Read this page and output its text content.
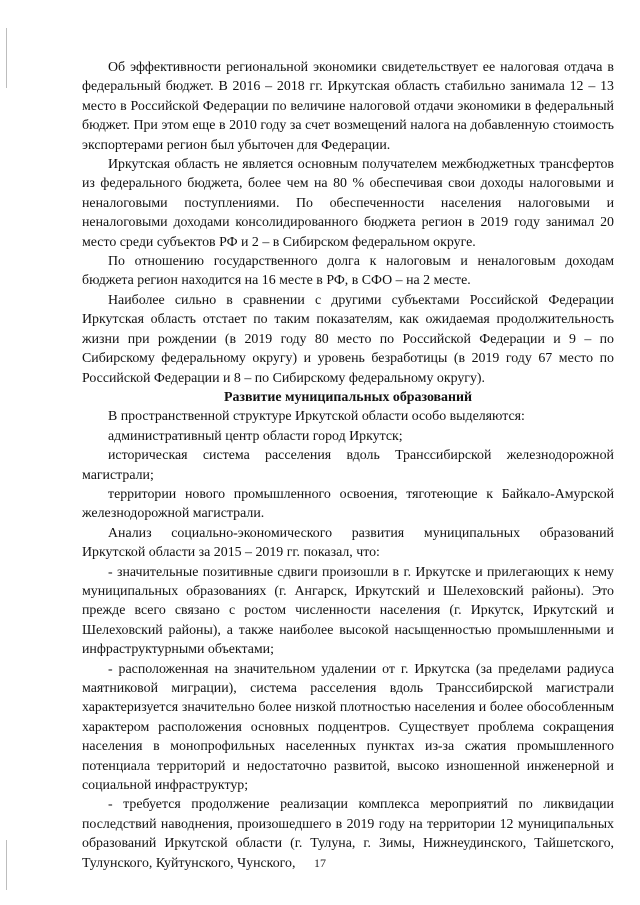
Об эффективности региональной экономики свидетельствует ее налоговая отдача в федеральный бюджет. В 2016 – 2018 гг. Иркутская область стабильно занимала 12 – 13 место в Российской Федерации по величине налоговой отдачи экономики в федеральный бюджет. При этом еще в 2010 году за счет возмещений налога на добавленную стоимость экспортерами регион был убыточен для Федерации.

Иркутская область не является основным получателем межбюджетных трансфертов из федерального бюджета, более чем на 80 % обеспечивая свои доходы налоговыми и неналоговыми поступлениями. По обеспеченности населения налоговыми и неналоговыми доходами консолидированного бюджета регион в 2019 году занимал 20 место среди субъектов РФ и 2 – в Сибирском федеральном округе.

По отношению государственного долга к налоговым и неналоговым доходам бюджета регион находится на 16 месте в РФ, в СФО – на 2 месте.

Наиболее сильно в сравнении с другими субъектами Российской Федерации Иркутская область отстает по таким показателям, как ожидаемая продолжительность жизни при рождении (в 2019 году 80 место по Российской Федерации и 9 – по Сибирскому федеральному округу) и уровень безработицы (в 2019 году 67 место по Российской Федерации и 8 – по Сибирскому федеральному округу).

Развитие муниципальных образований

В пространственной структуре Иркутской области особо выделяются:

административный центр области город Иркутск;

историческая система расселения вдоль Транссибирской железнодорожной магистрали;

территории нового промышленного освоения, тяготеющие к Байкало-Амурской железнодорожной магистрали.

Анализ социально-экономического развития муниципальных образований Иркутской области за 2015 – 2019 гг. показал, что:

- значительные позитивные сдвиги произошли в г. Иркутске и прилегающих к нему муниципальных образованиях (г. Ангарск, Иркутский и Шелеховский районы). Это прежде всего связано с ростом численности населения (г. Иркутск, Иркутский и Шелеховский районы), а также наиболее высокой насыщенностью промышленными и инфраструктурными объектами;

- расположенная на значительном удалении от г. Иркутска (за пределами радиуса маятниковой миграции), система расселения вдоль Транссибирской магистрали характеризуется значительно более низкой плотностью населения и более обособленным характером расположения основных подцентров. Существует проблема сокращения населения в монопрофильных населенных пунктах из-за сжатия промышленного потенциала территорий и недостаточно развитой, высоко изношенной инженерной и социальной инфраструктур;

- требуется продолжение реализации комплекса мероприятий по ликвидации последствий наводнения, произошедшего в 2019 году на территории 12 муниципальных образований Иркутской области (г. Тулуна, г. Зимы, Нижнеудинского, Тайшетского, Тулунского, Куйтунского, Чунского,	17
